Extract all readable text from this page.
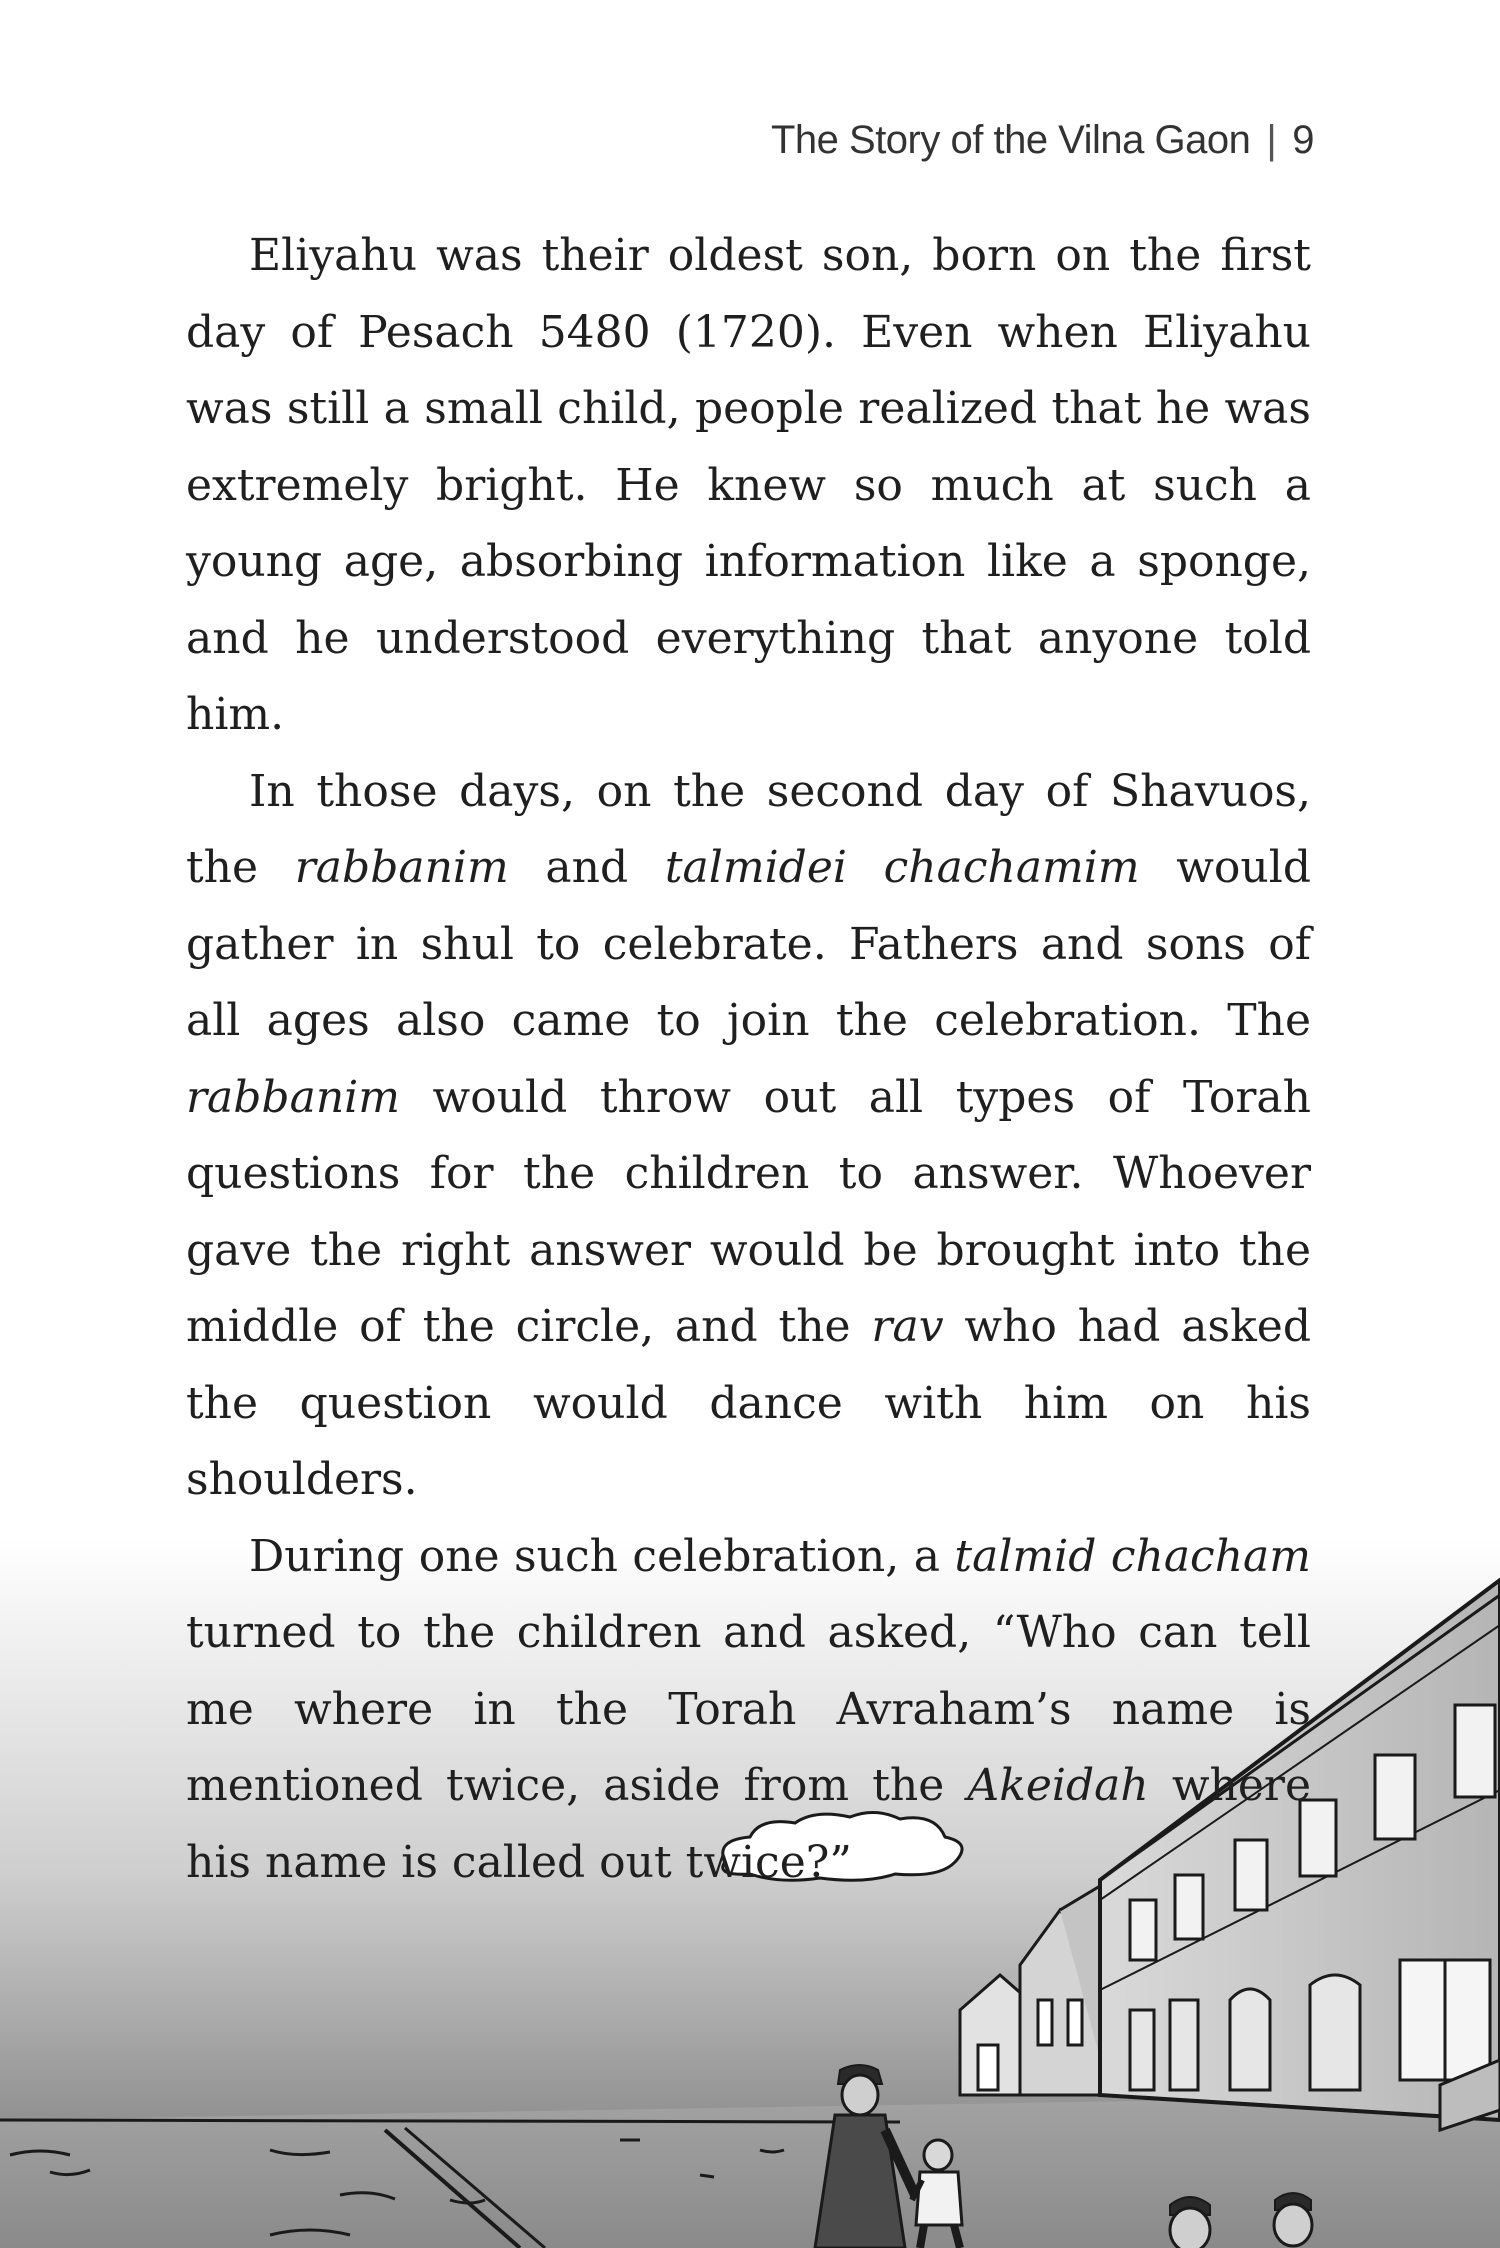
The Story of the Vilna Gaon | 9

Eliyahu was their oldest son, born on the first day of Pesach 5480 (1720). Even when Eliyahu was still a small child, people realized that he was extremely bright. He knew so much at such a young age, absorbing information like a sponge, and he understood everything that anyone told him.

In those days, on the second day of Shavuos, the rabbanim and talmidei chachamim would gather in shul to celebrate. Fathers and sons of all ages also came to join the celebration. The rabbanim would throw out all types of Torah questions for the children to answer. Whoever gave the right answer would be brought into the middle of the circle, and the rav who had asked the question would dance with him on his shoulders.

During one such celebration, a talmid chacham turned to the children and asked, “Who can tell me where in the Torah Avraham’s name is mentioned twice, aside from the Akeidah where his name is called out twice?”
